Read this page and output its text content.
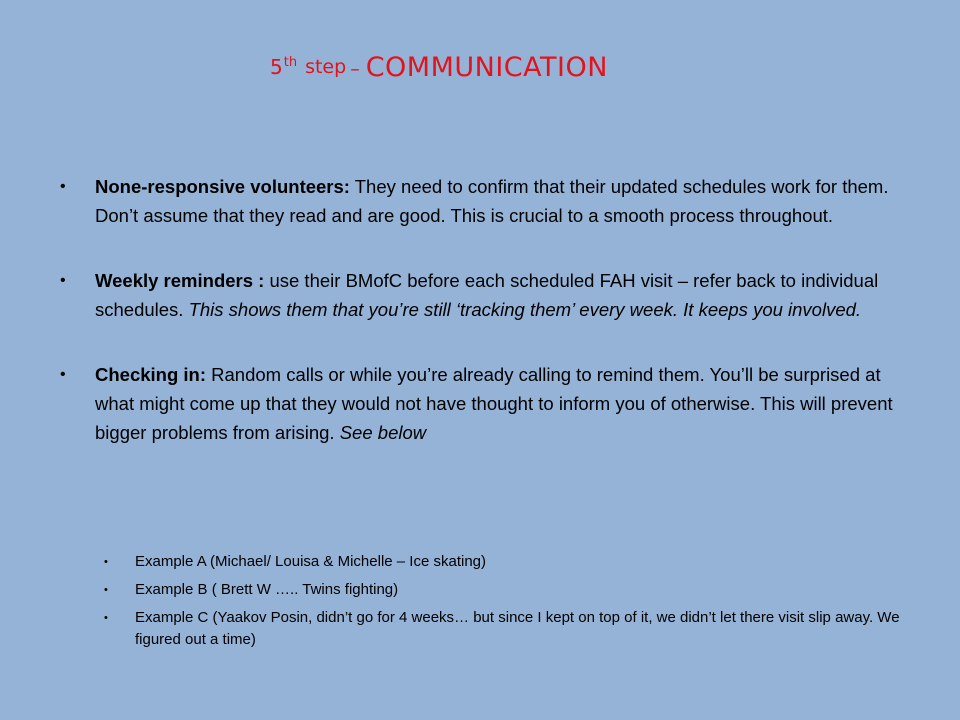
5th step – COMMUNICATION
• None-responsive volunteers: They need to confirm that their updated schedules work for them. Don’t assume that they read and are good. This is crucial to a smooth process throughout.
• Weekly reminders : use their BMofC before each scheduled FAH visit – refer back to individual schedules. This shows them that you’re still ‘tracking them’ every week. It keeps you involved.
• Checking in: Random calls or while you’re already calling to remind them. You’ll be surprised at what might come up that they would not have thought to inform you of otherwise. This will prevent bigger problems from arising. See below
• Example A (Michael/ Louisa & Michelle – Ice skating)
• Example B ( Brett W ….. Twins fighting)
• Example C (Yaakov Posin, didn’t go for 4 weeks… but since I kept on top of it, we didn’t let there visit slip away. We figured out a time)
